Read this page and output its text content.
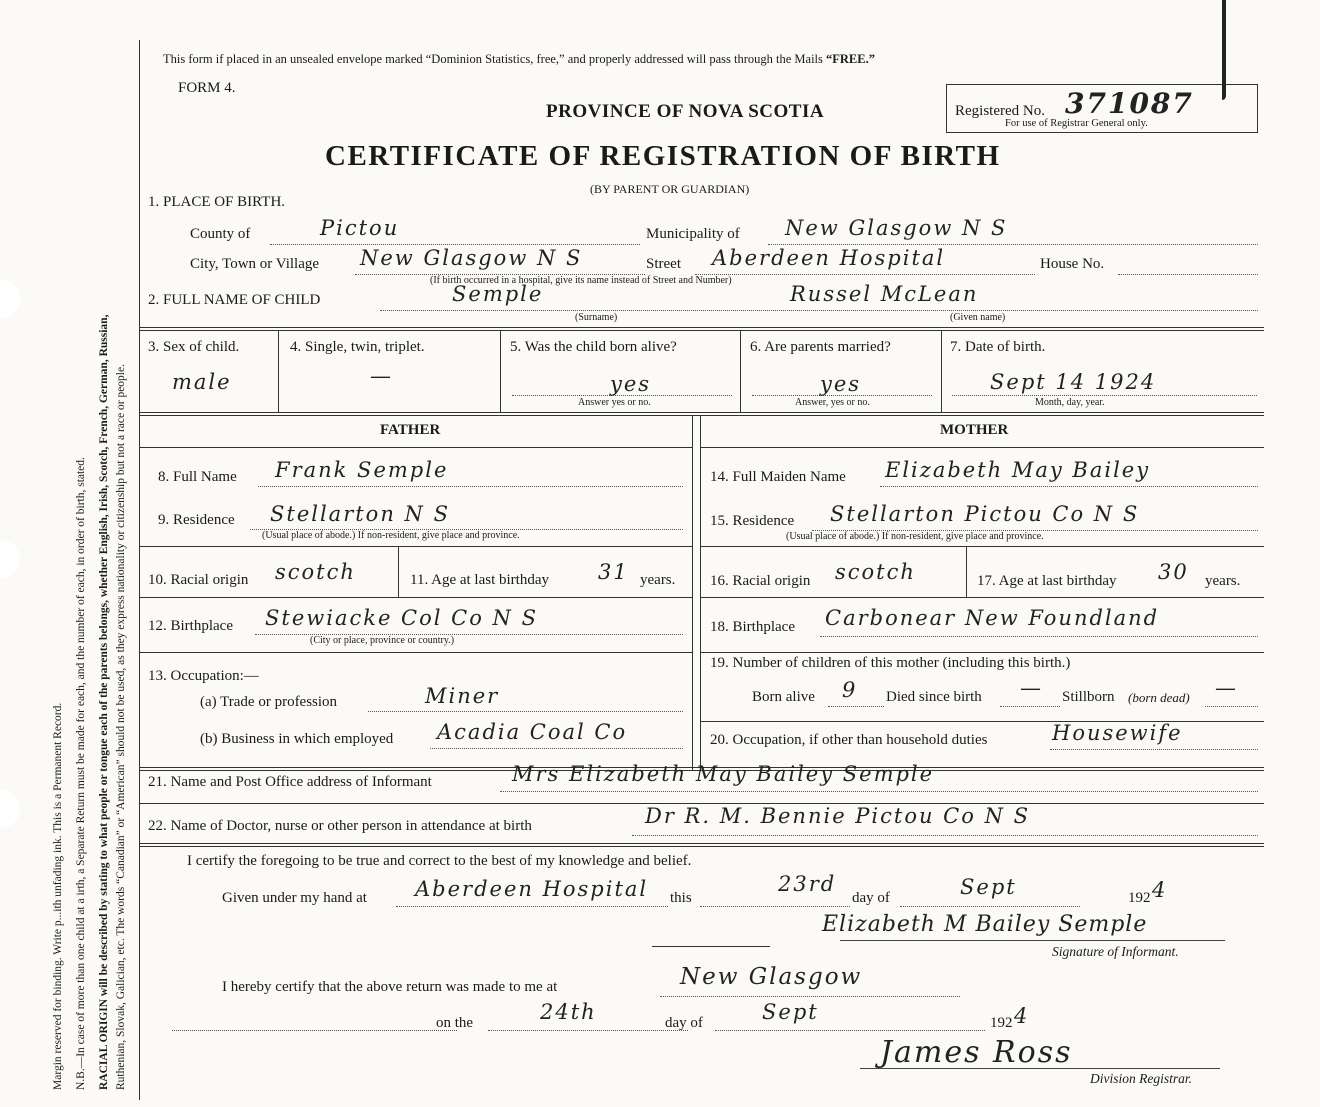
Margin reserved for binding. Write p...ith unfading ink. This is a Permanent Record. N.B.—In case of more than one child at a irth, a Separate Return must be made for each, and the number of each, in order of birth, stated. RACIAL ORIGIN will be described by stating to what people or tongue each of the parents belongs, whether English, Irish, Scotch, French, German, Russian, Ruthenian, Slovak, Galician, etc. The words “Canadian” or “American” should not be used, as they express nationality or citizenship but not a race or people.
This form if placed in an unsealed envelope marked “Dominion Statistics, free,” and properly addressed will pass through the Mails “FREE.”
FORM 4.
PROVINCE OF NOVA SCOTIA
CERTIFICATE OF REGISTRATION OF BIRTH
(BY PARENT OR GUARDIAN)
Registered No. 371087
For use of Registrar General only.
1. PLACE OF BIRTH.
County of	Pictou	Municipality of New Glasgow N S
City, Town or Village New Glasgow N S	Street Aberdeen Hospital	House No.
(If birth occurred in a hospital, give its name instead of Street and Number)
2. FULL NAME OF CHILD	Semple	Russel McLean
(Surname)	(Given name)
3. Sex of child.
male
4. Single, twin, triplet.
—
5. Was the child born alive?
yes
Answer yes or no.
6. Are parents married?
yes
Answer, yes or no.
7. Date of birth.
Sept 14 1924
Month, day, year.
FATHER	MOTHER
8. Full Name Frank Semple	14. Full Maiden Name Elizabeth May Bailey
9. Residence Stellarton N S
(Usual place of abode.) If non-resident, give place and province.
15. Residence Stellarton Pictou Co N S
(Usual place of abode.) If non-resident, give place and province.
10. Racial origin scotch	11. Age at last birthday 31 years. 16. Racial origin scotch	17. Age at last birthday 30 years.
12. Birthplace Stewiacke Col Co N S
(City or place, province or country.)
18. Birthplace Carbonear New Foundland
13. Occupation:—
(a) Trade or profession	Miner
(b) Business in which employed Acadia Coal Co
19. Number of children of this mother (including this birth.)
Born alive 9 Died since birth — Stillborn (born dead) —
20. Occupation, if other than household duties	Housewife
21. Name and Post Office address of Informant	Mrs Elizabeth May Bailey Semple
22. Name of Doctor, nurse or other person in attendance at birth	Dr R. M. Bennie Pictou Co N S
I certify the foregoing to be true and correct to the best of my knowledge and belief.
Given under my hand at Aberdeen Hospital this
23rd
day of	Sept	192 4
Elizabeth M Bailey Semple
Signature of Informant.
I hereby certify that the above return was made to me at	New Glasgow
on the	24th	day of	Sept	192 4
James Ross
Division Registrar.
